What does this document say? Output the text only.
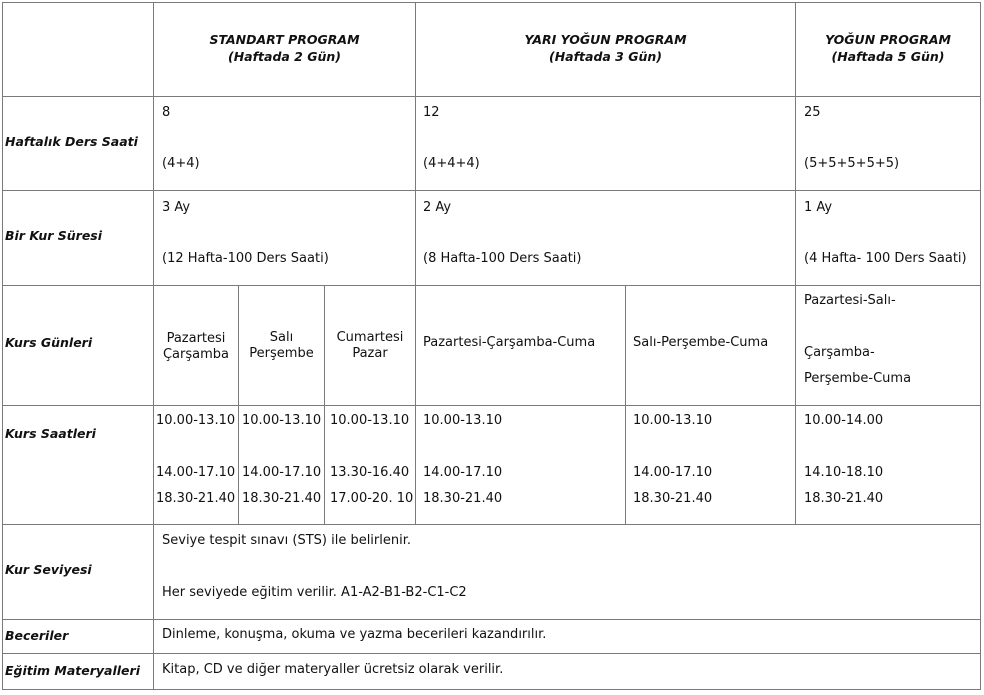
STANDART PROGRAM
(Haftada 2 Gün)
YARI YOĞUN PROGRAM
(Haftada 3 Gün)
YOĞUN PROGRAM
(Haftada 5 Gün)
Haftalık Ders Saati
Bir Kur Süresi
Kurs Günleri
Kurs Saatleri
Kur Seviyesi
Beceriler
Eğitim Materyalleri
8
(4+4)
12
(4+4+4)
25
(5+5+5+5+5)
3 Ay
(12 Hafta-100 Ders Saati)
2 Ay
(8 Hafta-100 Ders Saati)
1 Ay
(4 Hafta- 100 Ders Saati)
Pazartesi
Çarşamba
Salı
Perşembe
Cumartesi
Pazar
Pazartesi-Çarşamba-Cuma	Salı-Perşembe-Cuma
Pazartesi-Salı-
Çarşamba-
Perşembe-Cuma
10.00-13.10
14.00-17.10
18.30-21.40
10.00-13.10
14.00-17.10
18.30-21.40
10.00-13.10
13.30-16.40
17.00-20. 10
10.00-13.10
14.00-17.10
18.30-21.40
10.00-13.10
14.00-17.10
18.30-21.40
10.00-14.00
14.10-18.10
18.30-21.40
Seviye tespit sınavı (STS) ile belirlenir.
Her seviyede eğitim verilir. A1-A2-B1-B2-C1-C2
Dinleme, konuşma, okuma ve yazma becerileri kazandırılır.
Kitap, CD ve diğer materyaller ücretsiz olarak verilir.
